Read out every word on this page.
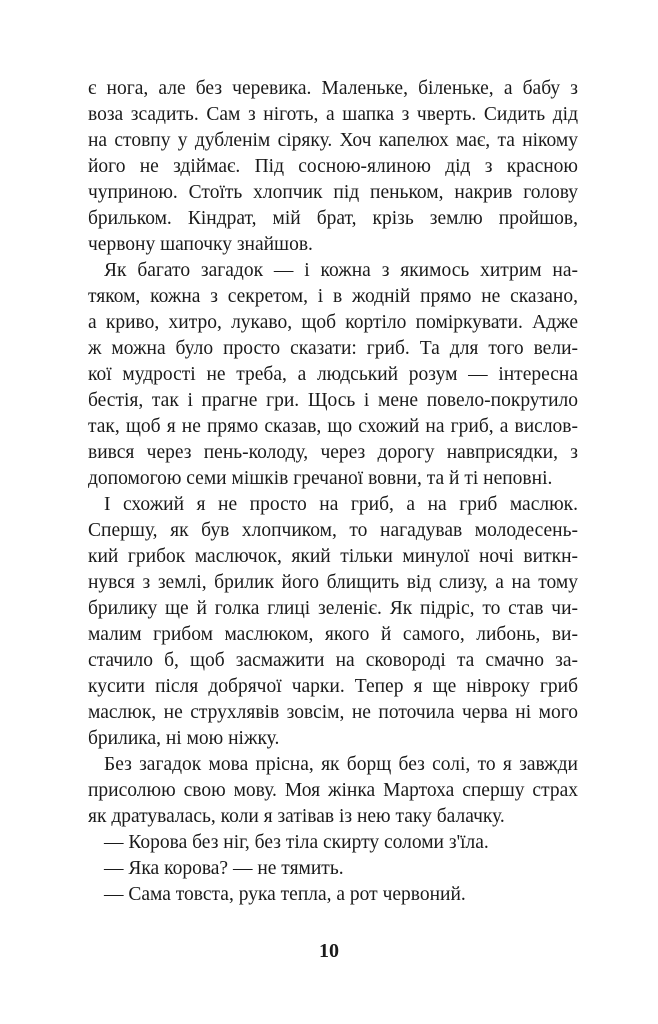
є нога, але без черевика. Маленьке, біленьке, а бабу з
воза зсадить. Сам з ніготь, а шапка з чверть. Сидить дід
на стовпу у дубленім сіряку. Хоч капелюх має, та нікому
його не здіймає. Під сосною-ялиною дід з красною
чуприною. Стоїть хлопчик під пеньком, накрив голову
брильком. Кіндрат, мій брат, крізь землю пройшов,
червону шапочку знайшов.

Як багато загадок — і кожна з якимось хитрим на-
тяком, кожна з секретом, і в жодній прямо не сказано,
а криво, хитро, лукаво, щоб кортіло поміркувати. Адже
ж можна було просто сказати: гриб. Та для того вели-
кої мудрості не треба, а людський розум — інтересна
бестія, так і прагне гри. Щось і мене повело-покрутило
так, щоб я не прямо сказав, що схожий на гриб, а вислов-
вився через пень-колоду, через дорогу навприсядки, з
допомогою семи мішків гречаної вовни, та й ті неповні.

І схожий я не просто на гриб, а на гриб маслюк.
Спершу, як був хлопчиком, то нагадував молодесень-
кий грибок маслючок, який тільки минулої ночі виткн-
нувся з землі, брилик його блищить від слизу, а на тому
брилику ще й голка глиці зеленіє. Як підріс, то став чи-
малим грибом маслюком, якого й самого, либонь, ви-
стачило б, щоб засмажити на сковороді та смачно за-
кусити після добрячої чарки. Тепер я ще нівроку гриб
маслюк, не струхлявів зовсім, не поточила черва ні мого
брилика, ні мою ніжку.

Без загадок мова прісна, як борщ без солі, то я завжди
присолюю свою мову. Моя жінка Мартоха спершу страх
як дратувалась, коли я затівав із нею таку балачку.

— Корова без ніг, без тіла скирту соломи з'їла.
— Яка корова? — не тямить.
— Сама товста, рука тепла, а рот червоний.
10
